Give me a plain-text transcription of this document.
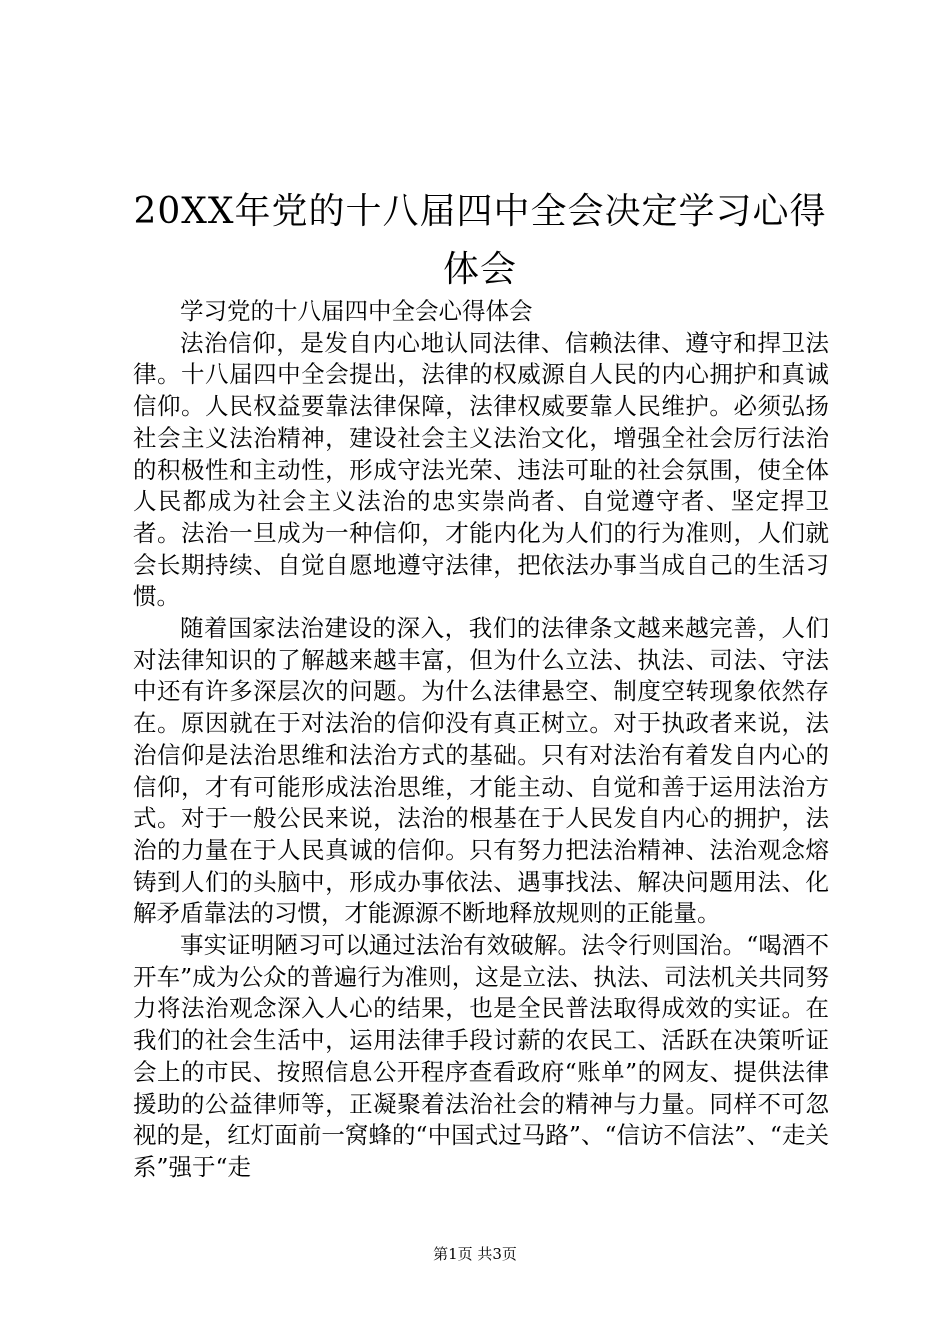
20XX年党的十八届四中全会决定学习心得体会

学习党的十八届四中全会心得体会

法治信仰，是发自内心地认同法律、信赖法律、遵守和捍卫法律。十八届四中全会提出，法律的权威源自人民的内心拥护和真诚信仰。人民权益要靠法律保障，法律权威要靠人民维护。必须弘扬社会主义法治精神，建设社会主义法治文化，增强全社会厉行法治的积极性和主动性，形成守法光荣、违法可耻的社会氛围，使全体人民都成为社会主义法治的忠实崇尚者、自觉遵守者、坚定捍卫者。法治一旦成为一种信仰，才能内化为人们的行为准则，人们就会长期持续、自觉自愿地遵守法律，把依法办事当成自己的生活习惯。

随着国家法治建设的深入，我们的法律条文越来越完善，人们对法律知识的了解越来越丰富，但为什么立法、执法、司法、守法中还有许多深层次的问题。为什么法律悬空、制度空转现象依然存在。原因就在于对法治的信仰没有真正树立。对于执政者来说，法治信仰是法治思维和法治方式的基础。只有对法治有着发自内心的信仰，才有可能形成法治思维，才能主动、自觉和善于运用法治方式。对于一般公民来说，法治的根基在于人民发自内心的拥护，法治的力量在于人民真诚的信仰。只有努力把法治精神、法治观念熔铸到人们的头脑中，形成办事依法、遇事找法、解决问题用法、化解矛盾靠法的习惯，才能源源不断地释放规则的正能量。

事实证明陋习可以通过法治有效破解。法令行则国治。“喝酒不开车”成为公众的普遍行为准则，这是立法、执法、司法机关共同努力将法治观念深入人心的结果，也是全民普法取得成效的实证。在我们的社会生活中，运用法律手段讨薪的农民工、活跃在决策听证会上的市民、按照信息公开程序查看政府“账单”的网友、提供法律援助的公益律师等，正凝聚着法治社会的精神与力量。同样不可忽视的是，红灯面前一窝蜂的“中国式过马路”、“信访不信法”、“走关系”强于“走

第1页 共3页
